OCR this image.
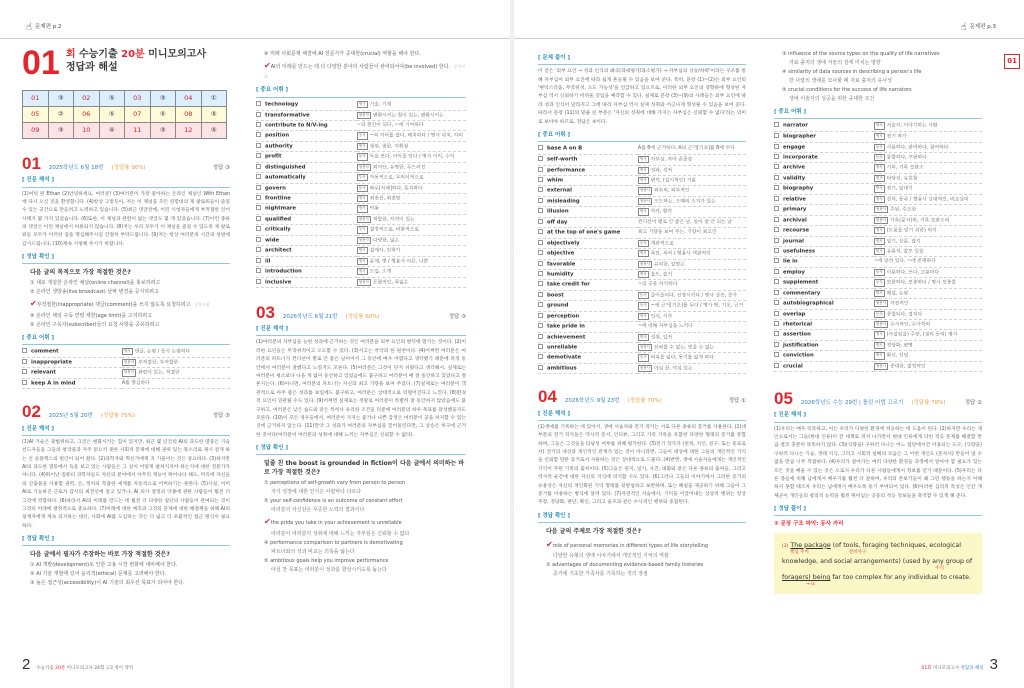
☝ 문제편 p.2
01 회 수능기출 20분 미니모의고사
정답과 해설
01	③	02	⑤	03	③	04	①
05	②	06	⑤	07	⑤	08	⑤
09	③	10	④	11	③	12	⑤
01 2025학년도 6월 18번 (정답률 90%)	정답 ③
[ 진문 해석 ]
(1)여럿 편 Ethan (2)안녕하세요, 여러분! (3)여러분이 가장 좋아하는 온라인 채널인 With Ethan에 다시 오신 것을 환영합니다. (4)항상 그렇듯이, 저는 이 채널을 모든 연령대의 제 팔로워들이 즐길 수 있는 공간으로 만들려고 노력하고 있습니다. (5)최근 댓글란에, 어린 시청자들에게 부적절한 언어 사례가 몇 가지 있었습니다. (6)또한, 이 채널과 관련이 없는 댓글도 몇 개 있었습니다. (7)이런 종류의 댓글은 이런 채널에서 허용되지 않습니다. (8)저는 우리 모두가 이 채널을 즐길 수 있도록 제 팔로워들 모두가 이러한 점을 명심해주시길 간절히 부탁드립니다. (9)저는 항상 여러분의 시간과 성원에 감사드립니다. (10)계속 시청해 주시기 바랍니다.
[ 정답 확인 ]
다음 글의 목적으로 가장 적절한 것은?
① 새로 개설한 온라인 채널(online channel)을 홍보하려고
② 온라인 생방송(live broadcast) 날짜 변경을 공지하려고
✔부적절한(inappropriate) 댓글(comment)을 쓰지 않도록 요청하려고 문항이해
④ 온라인 채널 구독 연령 제한(age limit)을 고지하려고
⑤ 온라인 구독자(subscriber)들의 요청 사항을 공유하려고
[ 중요 어휘 ]
comment	명사 댓글, 논평 / 동사 논평하다
inappropriate	형용사 부적절한, 부적합한
relevant	형용사 관련이 있는, 적절한
keep A in mind	A를 명심하다
02 2025년 5월 20번 (정답률 75%)	정답 ⑤
[ 진문 해석 ]
(1)AI 기술은 광범위하고, 그것은 변화시키는 힘이 있지만, 최근 몇 년간의 AI의 과도한 열풍은 기술 선도자들을 그들의 창작물과 자주 얽으키 못한 사회적 문제에 대해 권위 있는 목소리로 제시 겉게 하는 신 골플렉스의 원인이 되어 왔다. (2)과학자와 혁신가에게 귀 기울이는 것은 중요하다. (3)하지만 AI의 과도한 열풍에서 득을 보고 있는 사람들은 그 일이 어떻게 펼쳐지지야 하는지에 대한 전문가가 아니다. (4)뛰어난 컴퓨터 과학자들도 자신의 분야에서 아무리 재능이 뛰어나다 해도, 머리에 자신들의 산출물을 사용할 권력, 돈, 정치의 복잡한 세계를 자동적으로 어버하기는 못한다. (5)사실, 이미 AI로 기능하진 근로자 감시의 최전선에 살고 있거나, AI 의사 결정의 악몽에 관한 사람들이 훨씬 더 그것에 적합하다. (6)따라서 AI의 미래를 만드는 데 훨씬 더 다양한 집단의 사람들이 관여되는 것이 그것의 미래에 결정적으로 중요하다. (7)미래에 대한 예측과 그것의 문제에 대한 해결책을 위해 AI의 설계자에게 계속 의지하는 대신, 사회에 AI를 도입하는 것은 더 넓고 더 포괄적인 접근 방식이 필요하다.
[ 정답 확인 ]
다음 글에서 필자가 주장하는 바로 가장 적절한 것은?
① AI 개발(development)로 인한 고용 시장 변화에 대비해야 한다.
② AI 기술 개발에 있어 윤리적(ethical) 문제를 고려해야 한다.
③ 높은 접근성(accessibility)이 AI 기술의 최우선 목표가 되어야 한다.
④ 미래 사회문제 해결에 AI 전문가가 중대한(crucial) 역할을 해야 한다.
✔AI의 미래를 만드는 데 더 다양한 분야의 사람들이 관여되어야(be involved) 한다. 문항이해
[ 중요 어휘 ]
technology	명사 기술, 기계
transformative	형용사 변화시키는 힘이 있는, 변화시키는
contribute to N/V-ing	~의 원인이 되다, ~에 기여하다
position	동사 ~의 자리를 잡다, 배치하다 / 명사 위치, 자리
authority	명사 권위, 권한, 지휘권
profit	동사 득을 보다, 이익을 얻다 / 명사 이익, 수익
distinguished	형용사 뛰어난, 유명한, 두드러진
automatically	부사 자동적으로, 무의식적으로
govern	동사 좌우[지배]하다, 통치하다
frontline	명사 최전선, 최전방
nightmare	명사 악몽
qualified	형용사 적합한, 자격이 있는
critically	부사 결정적으로, 비판적으로
wide	형용사 다양한, 넓은
architect	명사 설계자, 건축가
ill	명사 문제, 병 / 형용사 아픈, 나쁜
introduction	명사 도입, 소개
inclusive	형용사 포괄적인, 폭넓은
03 2026학년도 6월 21번 (정답률 60%)	정답 ③
[ 진문 해석 ]
(1)여러분의 자부심을 능한 성과에 근거하는 것은 여러분을 외부 요인의 변덕에 맡기는 것이다. (2)이러한 요인들은 무작위적이고 오도할 수 있다. (3)서고는 착각의 한 원천이다. (4)어쩌면 여러분은 여러분의 파트너가 컨디션이 별로 안 좋은 날이어서 그 동안에 매우 어렵다고 생각했기 때문에 특정 동안에서 여러분이 잘했다고 느낄지도 모른다. (5)여러분은 그것이 단지 쉬웠다고 생각해서, 실제로는 여러분이 평소보다 나을 게 없이 동안하고 있었음에도 불구하고 여러분이 매 잘 동안하고 있었다고 결론지는다. (6)아니면, 여러분의 파트너는 자신의 최고 기량을 보여 주었다. (7)실제로는 여러분이 객관적으로 아주 좋은 성과를 보임에도 불구하고, 여러분은 상대적으로 뒤떨어진다고 느낀다. (8)환경적 요인이 연관될 수도 있다. (9)어쩌면 실제로는 정말로 여러분이 특별히 잘 동안하지 않았음에도 불구하고, 여러분은 낮은 습도와 같은 특히나 유리한 조건들 덕분에 여러분의 하루 목표를 달성했을지도 모른다. (10)이 모든 경우들에서, 여러분이 가지는 좋거나 나쁜 감정은 여러분이 공을 차지할 수 있는 것에 근거하지 않는다. (11)만약 그 성과가 여러분의 자부심을 끌어올린다면, 그 상승은 허구에 근거한 것이다(여러분이 여러분의 성취에 대해 느끼는 자부심은 신뢰할 수 없다).
[ 정답 확인 ]
밑줄 친 the boost is grounded in fiction이 다음 글에서 의미하는 바로 가장 적절한 것은?
① perceptions of self-growth vary from person to person
자기 성장에 대한 인식은 사람마다 다르다
② your self-confidence is an outcome of constant effort
여러분의 자신감은 꾸준한 노력의 결과이다
✔the pride you take in your achievement is unreliable
여러분이 여러분의 성취에 대해 느끼는 자부심은 신뢰할 수 없다
④ performance comparison to partners is demotivating
파트너와의 성과 비교는 의욕을 잃는다
⑤ ambitious goals help you improve performance
야심 찬 목표는 여러분이 성과를 향상시키도록 돕는다
2 수능기출 20분 미니모의고사 24회 고3 영어 영역
☝ 문제편 p.3
01
[ 문제 풀이 ]
이 글은 '외부 요인 → 성과 인식의 왜곡(과대평가/과소평가) → 자부심의 상승/하락'이라는 구조를 통해 자부심이 외부 요인에 따라 쉽게 흔들릴 수 있음을 보여 준다. 특히, 문장 (1)~(2)는 외부 요인의 '변덕스러움, 무작위성, 오도 가능성'을 언급하고 있으므로, 이러한 외부 요인의 영향하에 형성된 자부심 역시 신뢰하기 어려울 것임을 예측할 수 있다. 실제로 문장 (3)~(9)의 사례들은 외부 요인에 따라 성과 인식이 달라지고 그에 따라 자부심 역시 실제 성취와 어긋나게 형성될 수 있음을 보여 준다. 따라서 문장 (11)의 밑줄 친 부분은 '자신의 성취에 대해 가지는 자부심은 신뢰할 수 없다'라는 의미로 보아야 하므로, 정답은 ③이다.
[ 중요 어휘 ]
base A on B	A를 B에 근거하다, A의 근거[기초]를 B에 두다
self-worth	명사 자부심, 자아 존중감
performance	명사 성과, 성적
whim	명사 변덕, (일시적인) 기분
external	형용사 외부의, 외부적인
misleading	형용사 오도하는, 오해의 소지가 있는
illusion	명사 착각, 환각
off day	컨디션이 별로 안 좋은 날, 일이 잘 안 되는 날
at the top of one's game	최고 기량을 보여 주는, 기량이 최고인
objectively	부사 객관적으로
objective	명사 목표, 목적 / 형용사 객관적인
favorable	형용사 유리한, 알맞은
humidity	명사 습도, 습기
take credit for	~의 공을 차지하다
boost	동사 끌어올리다, 신장시키다 / 명사 상승, 증가
ground	동사 ~에 근거[기초]를 두다 / 명사 땅, 기초, 근거
perception	명사 인식, 지각
take pride in	~에 대해 자부심을 느끼다
achievement	명사 성취, 업적
unreliable	형용사 신뢰할 수 없는, 믿을 수 없는
demotivate	동사 의욕을 잃다, 동기를 잃게 하다
ambitious	형용사 야심 찬, 야심 있는
04 2026학년도 9월 23번 (정답률 70%)	정답 ①
[ 진문 해석 ]
(1)생애를 기록하는 데 있어서, 생애 서술자와 전기 작가는 서로 다른 종류의 증거를 사용한다. (2)대부분의 전기 작가들은 역사적 문서, 인터뷰, 그리고 가족 기록을 포함한 다양한 형태의 증거를 통합하며, 그들은 그것들을 타당성 여부를 위해 평가한다. (3)전기 작가가 (친척, 지인, 친구, 또는 동료로서) 전기의 대상과 개인적인 관계가 있는 것이 아니라면, 그들이 대상에 대한 그들의 개인적인 기억을 신뢰할 만한 증거로서 사용하는 것은 상대적으로 드물다. (4)반면, 생애 서술자들에게는 개인적인 기억이 주된 기록의 출처이다. (5)그들은 편지, 일기, 사진, 대화와 같은 다른 종류의 출처들, 그리고 역사적 순간에 대한 자신의 지식에 의지할 수도 있다. (6)그러나 그들의 이야기에서 그러한 증거의 유용성은 자신의 개인화된 기억 형태를 뒷받침하고 보완하며, 또는 해설을 제공하기 위해 그들이 그 증거를 이용하는 방식에 달려 있다. (7)자전적인 서술에서, 기억을 이끌어내는 상상적 행위는 항상 주장, 정당화, 판단, 확신, 그리고 울모과 같은 수사적인 행위와 중첩된다.
[ 정답 확인 ]
다음 글의 주제로 가장 적절한 것은?
✔role of personal memories in different types of life storytelling
다양한 유형의 생애 이야기에서 개인적인 기억의 역할
② advantages of documenting evidence-based family histories
증거에 기초한 가족사를 기록하는 것의 장점
③ influence of the source types on the quality of life narratives
자료 출처의 생애 서술의 질에 미치는 영향
④ similarity of data sources in describing a person's life
한 사람의 생애를 묘사할 때 자료 출처의 유사성
⑤ crucial conditions for the success of life narrators
생애 서술자의 성공을 위한 중대한 조건
[ 중요 어휘 ]
narrator	명사 서술자, 이야기하는 사람
biographer	명사 전기 작가
engage	동사 사용하다, 관여하다, 참여하다
incorporate	동사 통합하다, 구현하다
archive	명사 기록, 기록 보관소
validity	명사 타당성, 유효함
biography	명사 전기, 일대기
relative	명사 친척, 동족 / 형용사 상대적인, 비교상의
primary	형용사 주된, 주요한
archival	형용사 기록(문서)의, 기록 보관소의
recourse	명사 (도움을 얻기 위한) 의지
journal	명사 일기, 신문, 잡지
usefulness	명사 유용성, 쓸모 있음
lie in	~에 달려 있다, ~에 존재하다
employ	동사 이용하다, 쓰다, 고용하다
supplement	동사 보완하다, 보충하다 / 명사 보충물
commentary	명사 해설, 논평
autobiographical	형용사 자전적인
overlap	동사 중첩되다, 겹치다
rhetorical	형용사 수사적인, 수사학의
assertion	명사 (사실임을) 주장, (권리 등의) 행사
justification	명사 정당화, 변명
conviction	명사 확신, 신념
crucial	형용사 중대한, 결정적인
05 2026학년도 수능 29번 | 틀린 어법 고르기 (정답률 70%)	정답 ②
[ 진문 해석 ]
(1)우리는 매우 똑똑하고, 이는 우리가 다양한 환경에 적응하는 데 도움이 된다. (2)하지만 우리는 개인으로서는 그들(현대 인류)이 전 세계로 퍼져 나가면서 현대 인류에게 닥친 적응 문제를 해결할 만큼 결코 충분히 똑똑하지 않다. (3)(식량을) 구하러 다니는 어느 집단에서건 이용되는 도구, (식량을) 구하러 다니는 기술, 생태 지식, 그리고 사회적 실배의 모음은 그 어떤 개인도 (혼자서) 만들어 낼 수 없을 만큼 너무 복잡하다. (4)우리가 살아가는 여러 다양한 환경들 과정에서 알아야 할 필요가 있는 모든 것을 배울 수 있는 것은 오로지 우리가 다른 사람들에게서 정보를 얻기 때문이다. (5)우리는 다른 종들에 비해 남에게서 배우기를 훨씬 더 잘하며, 우리의 본보기들이 왜 그런 행동을 하는지 이해하지 못할 때조차 우리는 남에게서 배우도록 동기 부여되어 있다. (6)이러한 심리적 특성은 인간 개체군이 개인들의 창의적 능력을 훨씬 뛰어넘는 공동의 적응 정보들을 축적할 수 있게 해 준다.
[ 정답 풀이 ]
② 문장 구조 파악: 동사 자리
(3) The package (of tools, foraging techniques, ecological
핵심 주어	전치사구
knowledge, and social arrangements) (used by any group of
수식
foragers) being far too complex for any individual to create.
→ is
01회 미니모의고사 정답과 해설 3
